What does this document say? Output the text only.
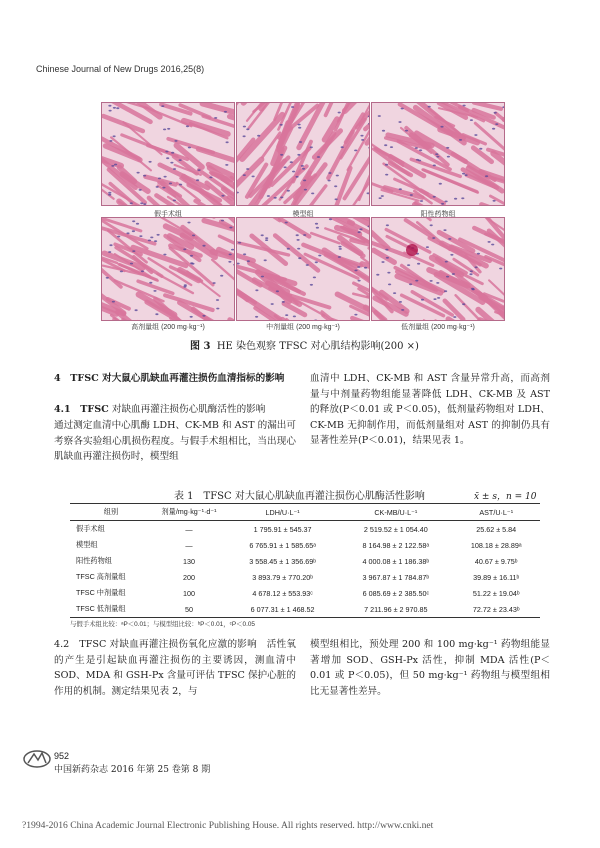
Chinese Journal of New Drugs 2016,25(8)
假手术组	模型组	阳性药物组
高剂量组 (200 mg·kg⁻¹)	中剂量组 (200 mg·kg⁻¹)	低剂量组 (200 mg·kg⁻¹)
图 3 HE 染色观察 TFSC 对心肌结构影响(200 ×)
4　TFSC 对大鼠心肌缺血再灌注损伤血清指标的影响
4.1　TFSC 对缺血再灌注损伤心肌酶活性的影响
通过测定血清中心肌酶 LDH、CK-MB 和 AST 的漏出可考察各实验组心肌损伤程度。与假手术组相比，当出现心肌缺血再灌注损伤时，模型组
血清中 LDH、CK-MB 和 AST 含量异常升高，而高剂量与中剂量药物组能显著降低 LDH、CK-MB 及 AST 的释放(P＜0.01 或 P＜0.05)，低剂量药物组对 LDH、CK-MB 无抑制作用，而低剂量组对 AST 的抑制仍具有显著性差异(P＜0.01)，结果见表 1。
表 1　TFSC 对大鼠心肌缺血再灌注损伤心肌酶活性影响	x̄ ± s，n = 10
组别	剂量/mg·kg⁻¹·d⁻¹	LDH/U·L⁻¹	CK-MB/U·L⁻¹	AST/U·L⁻¹
假手术组	—	1 795.91 ± 545.37	2 519.52 ± 1 054.40	25.62 ± 5.84
模型组	—	6 765.91 ± 1 585.65ᵃ	8 164.98 ± 2 122.58ᵃ	108.18 ± 28.89ᵃ
阳性药物组	130	3 558.45 ± 1 356.69ᵇ	4 000.08 ± 1 186.38ᵇ	40.67 ± 9.75ᵇ
TFSC 高剂量组	200	3 893.79 ± 770.20ᵇ	3 967.87 ± 1 784.87ᵇ	39.89 ± 16.11ᵇ
TFSC 中剂量组	100	4 678.12 ± 553.93ᶜ	6 085.69 ± 2 385.50ᶜ	51.22 ± 19.04ᵇ
TFSC 低剂量组	50	6 077.31 ± 1 468.52	7 211.96 ± 2 970.85	72.72 ± 23.43ᵇ
与假手术组比较：ᵃP＜0.01；与模型组比较：ᵇP＜0.01，ᶜP＜0.05
4.2　TFSC 对缺血再灌注损伤氧化应激的影响　活性氧的产生是引起缺血再灌注损伤的主要诱因，测血清中 SOD、MDA 和 GSH-Px 含量可评估 TFSC 保护心脏的作用的机制。测定结果见表 2，与
模型组相比，预处理 200 和 100 mg·kg⁻¹ 药物组能显著增加 SOD、GSH-Px 活性，抑制 MDA 活性(P＜0.01 或 P＜0.05)，但 50 mg·kg⁻¹ 药物组与模型组相比无显著性差异。
952
中国新药杂志 2016 年第 25 卷第 8 期
?1994-2016 China Academic Journal Electronic Publishing House. All rights reserved. http://www.cnki.net
